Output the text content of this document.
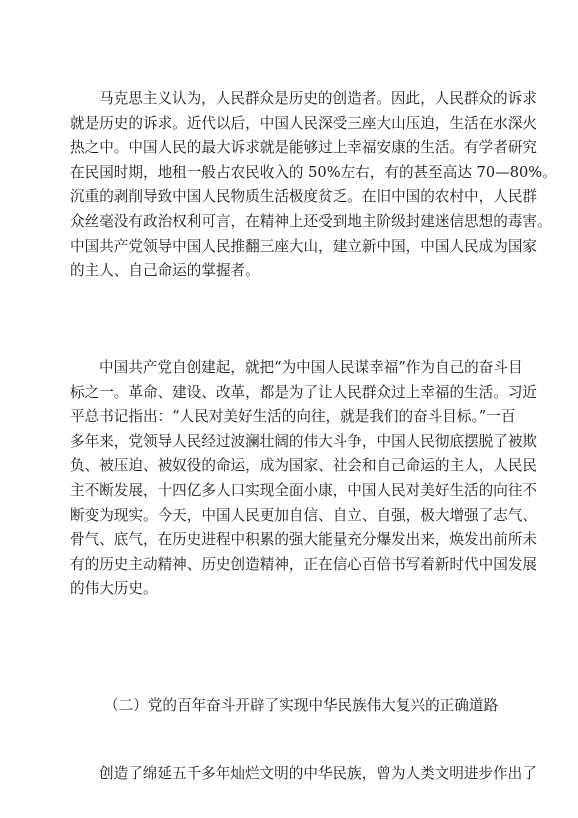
马克思主义认为，人民群众是历史的创造者。因此，人民群众的诉求
就是历史的诉求。近代以后，中国人民深受三座大山压迫，生活在水深火
热之中。中国人民的最大诉求就是能够过上幸福安康的生活。有学者研究
在民国时期，地租一般占农民收入的 50%左右，有的甚至高达 70—80%。
沉重的剥削导致中国人民物质生活极度贫乏。在旧中国的农村中，人民群
众丝毫没有政治权利可言，在精神上还受到地主阶级封建迷信思想的毒害。
中国共产党领导中国人民推翻三座大山，建立新中国，中国人民成为国家
的主人、自己命运的掌握者。
中国共产党自创建起，就把“为中国人民谋幸福”作为自己的奋斗目
标之一。革命、建设、改革，都是为了让人民群众过上幸福的生活。习近
平总书记指出：“人民对美好生活的向往，就是我们的奋斗目标。”一百
多年来，党领导人民经过波澜壮阔的伟大斗争，中国人民彻底摆脱了被欺
负、被压迫、被奴役的命运，成为国家、社会和自己命运的主人，人民民
主不断发展，十四亿多人口实现全面小康，中国人民对美好生活的向往不
断变为现实。今天，中国人民更加自信、自立、自强，极大增强了志气、
骨气、底气，在历史进程中积累的强大能量充分爆发出来，焕发出前所未
有的历史主动精神、历史创造精神，正在信心百倍书写着新时代中国发展
的伟大历史。

（二）党的百年奋斗开辟了实现中华民族伟大复兴的正确道路

创造了绵延五千多年灿烂文明的中华民族，曾为人类文明进步作出了
